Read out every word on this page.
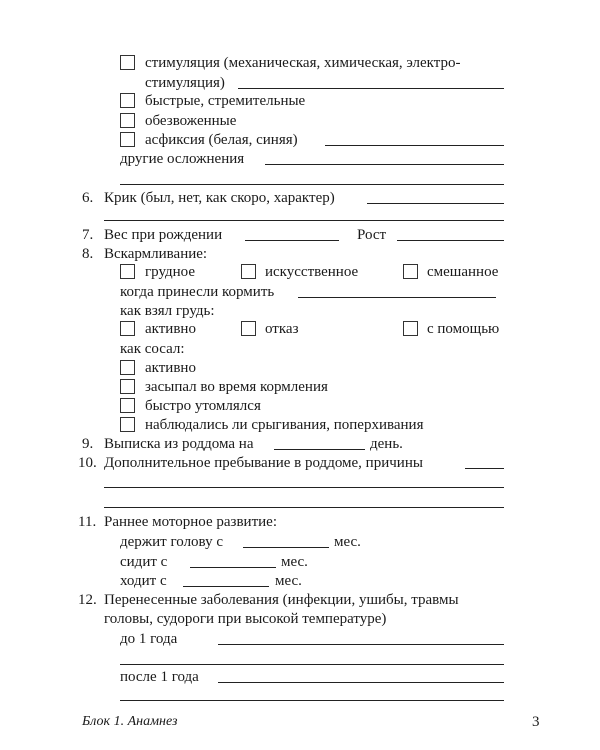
стимуляция (механическая, химическая, электро-
стимуляция)
быстрые, стремительные
обезвоженные
асфиксия (белая, синяя)
другие осложнения
6. Крик (был, нет, как скоро, характер)
7. Вес при рождении	Рост
8. Вскармливание:
грудное	искусственное	смешанное
когда принесли кормить
как взял грудь:
активно	отказ	с помощью
как сосал:
активно
засыпал во время кормления
быстро утомлялся
наблюдались ли срыгивания, поперхивания
9. Выписка из роддома на	день.
10. Дополнительное пребывание в роддоме, причины
11. Раннее моторное развитие:
держит голову с	мес.
сидит с	мес.
ходит с	мес.
12. Перенесенные заболевания (инфекции, ушибы, травмы
головы, судороги при высокой температуре)
до 1 года
после 1 года
Блок 1. Анамнез	3
